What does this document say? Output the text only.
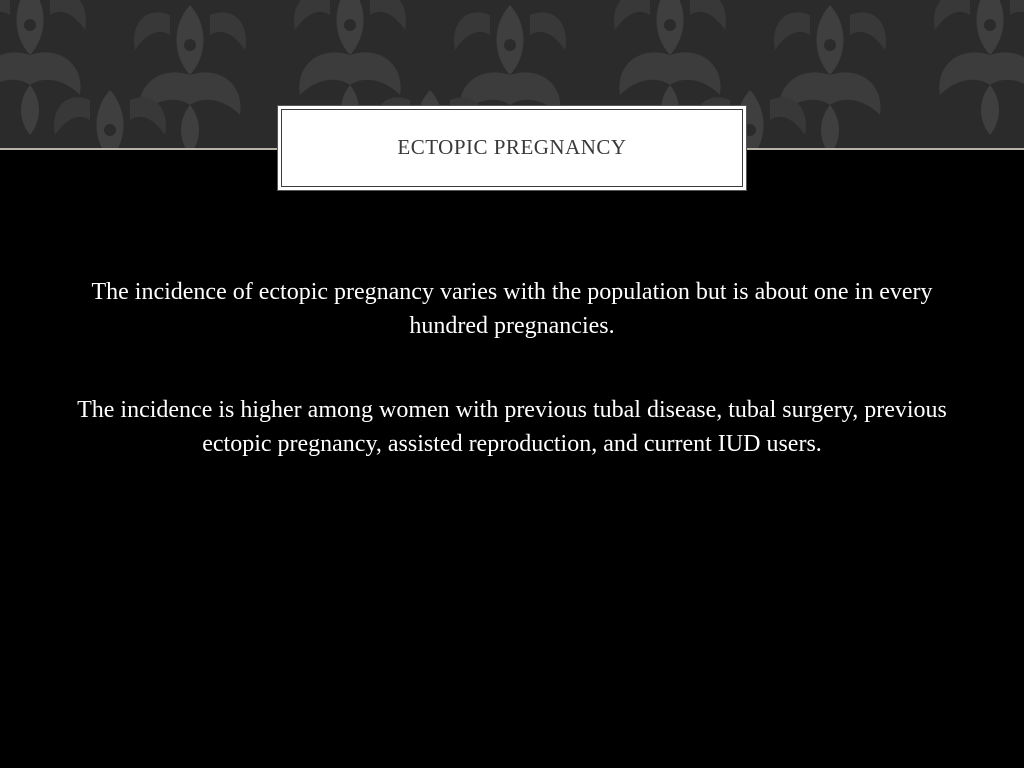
ECTOPIC PREGNANCY

The incidence of ectopic pregnancy varies with the population but is about one in every hundred pregnancies.

The incidence is higher among women with previous tubal disease, tubal surgery, previous ectopic pregnancy, assisted reproduction, and current IUD users.
